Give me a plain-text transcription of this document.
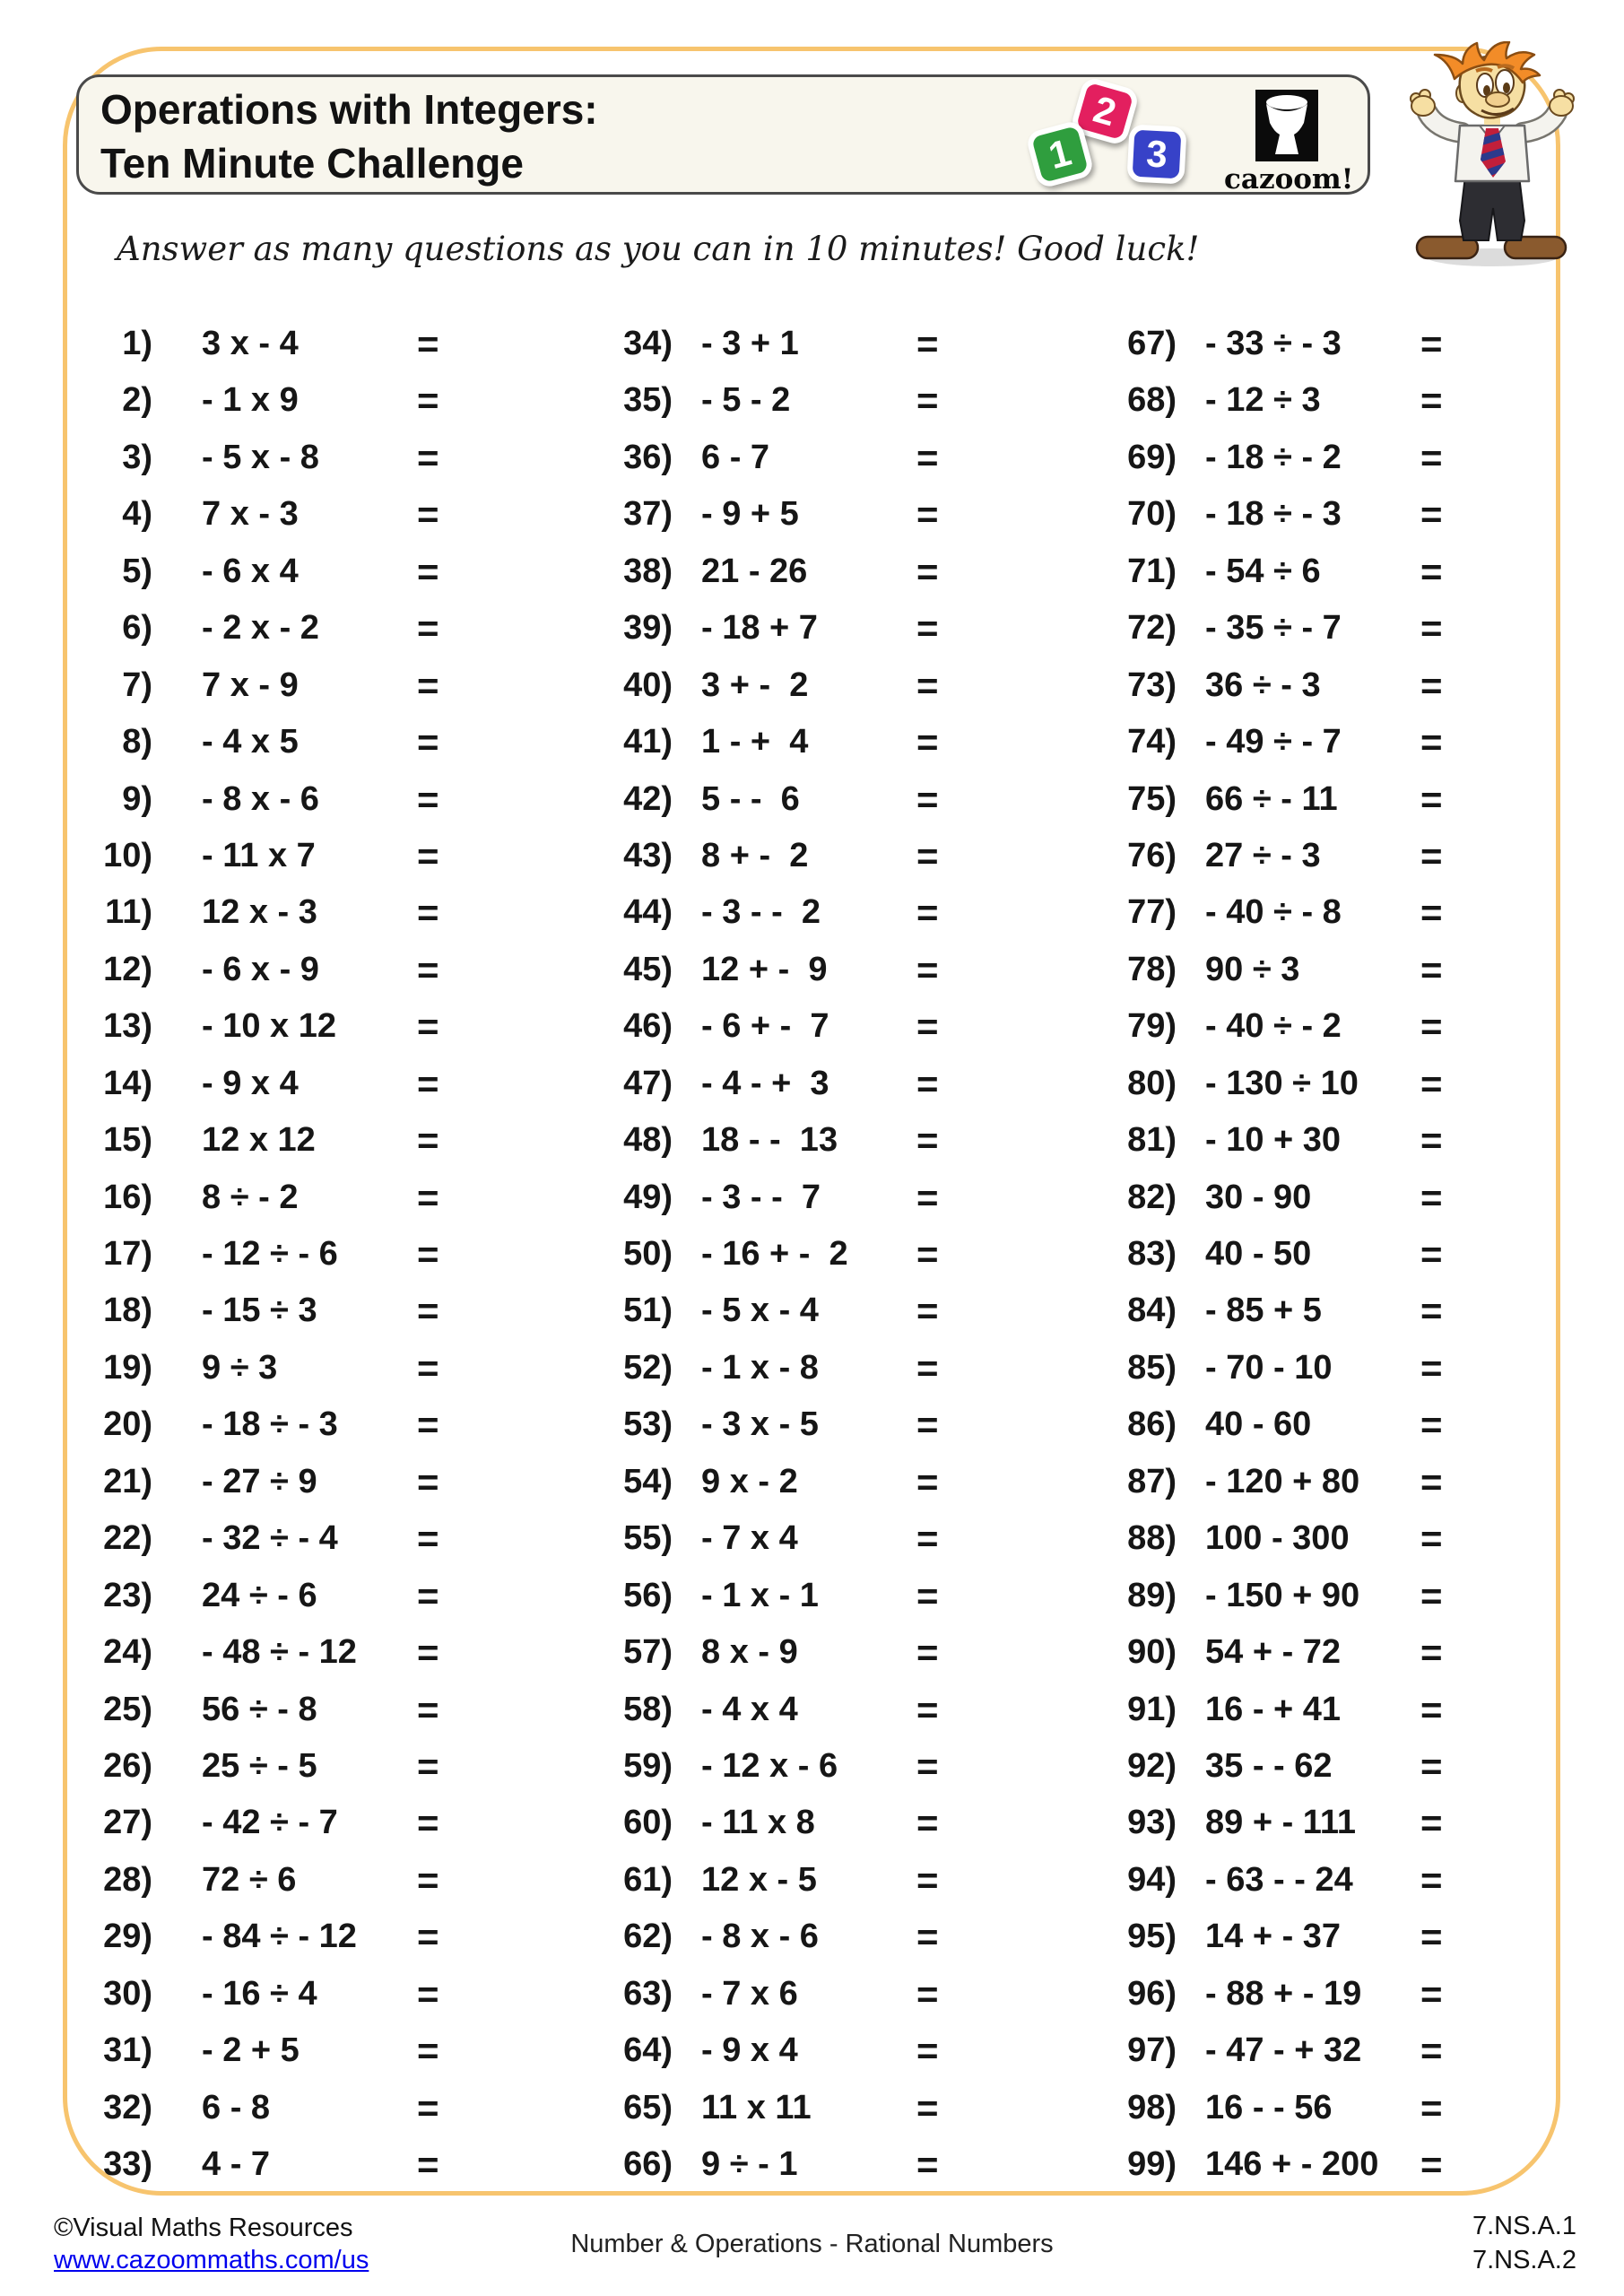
Operations with Integers:
Ten Minute Challenge
2
1	3
cazoom!
Answer as many questions as you can in 10 minutes! Good luck!
1) 3 x - 4	=
2) - 1 x 9	=
3) - 5 x - 8	=
4) 7 x - 3	=
5) - 6 x 4	=
6) - 2 x - 2	=
7) 7 x - 9	=
8) - 4 x 5	=
9) - 8 x - 6	=
10) - 11 x 7	=
11) 12 x - 3	=
12) - 6 x - 9	=
13) - 10 x 12 =
14) - 9 x 4	=
15) 12 x 12	=
16) 8 ÷ - 2	=
17) - 12 ÷ - 6 =
18) - 15 ÷ 3	=
19) 9 ÷ 3	=
20) - 18 ÷ - 3 =
21) - 27 ÷ 9	=
22) - 32 ÷ - 4 =
23) 24 ÷ - 6	=
24) - 48 ÷ - 12 =
25) 56 ÷ - 8	=
26) 25 ÷ - 5	=
27) - 42 ÷ - 7 =
28) 72 ÷ 6	=
29) - 84 ÷ - 12 =
30) - 16 ÷ 4	=
31) - 2 + 5	=
32) 6 - 8	=
33) 4 - 7	=
34) - 3 + 1	=
35) - 5 - 2	=
36) 6 - 7	=
37) - 9 + 5	=
38) 21 - 26	=
39) - 18 + 7	=
40) 3 + -  2	=
41) 1 - +  4	=
42) 5 - -  6	=
43) 8 + -  2	=
44) - 3 - -  2	=
45) 12 + -  9 =
46) - 6 + -  7 =
47) - 4 - +  3 =
48) 18 - -  13 =
49) - 3 - -  7	=
50) - 16 + -  2 =
51) - 5 x - 4	=
52) - 1 x - 8	=
53) - 3 x - 5	=
54) 9 x - 2	=
55) - 7 x 4	=
56) - 1 x - 1	=
57) 8 x - 9	=
58) - 4 x 4	=
59) - 12 x - 6 =
60) - 11 x 8	=
61) 12 x - 5	=
62) - 8 x - 6	=
63) - 7 x 6	=
64) - 9 x 4	=
65) 11 x 11	=
66) 9 ÷ - 1	=
67) - 33 ÷ - 3 =
68) - 12 ÷ 3	=
69) - 18 ÷ - 2 =
70) - 18 ÷ - 3 =
71) - 54 ÷ 6	=
72) - 35 ÷ - 7 =
73) 36 ÷ - 3	=
74) - 49 ÷ - 7 =
75) 66 ÷ - 11 =
76) 27 ÷ - 3	=
77) - 40 ÷ - 8 =
78) 90 ÷ 3	=
79) - 40 ÷ - 2 =
80) - 130 ÷ 10 =
81) - 10 + 30 =
82) 30 - 90	=
83) 40 - 50	=
84) - 85 + 5	=
85) - 70 - 10 =
86) 40 - 60	=
87) - 120 + 80 =
88) 100 - 300 =
89) - 150 + 90 =
90) 54 + - 72 =
91) 16 - + 41 =
92) 35 - - 62 =
93) 89 + - 111 =
94) - 63 - - 24 =
95) 14 + - 37 =
96) - 88 + - 19 =
97) - 47 - + 32 =
98) 16 - - 56 =
99) 146 + - 200 =
©Visual Maths Resources
www.cazoommaths.com/us
Number & Operations - Rational Numbers
7.NS.A.1
7.NS.A.2
